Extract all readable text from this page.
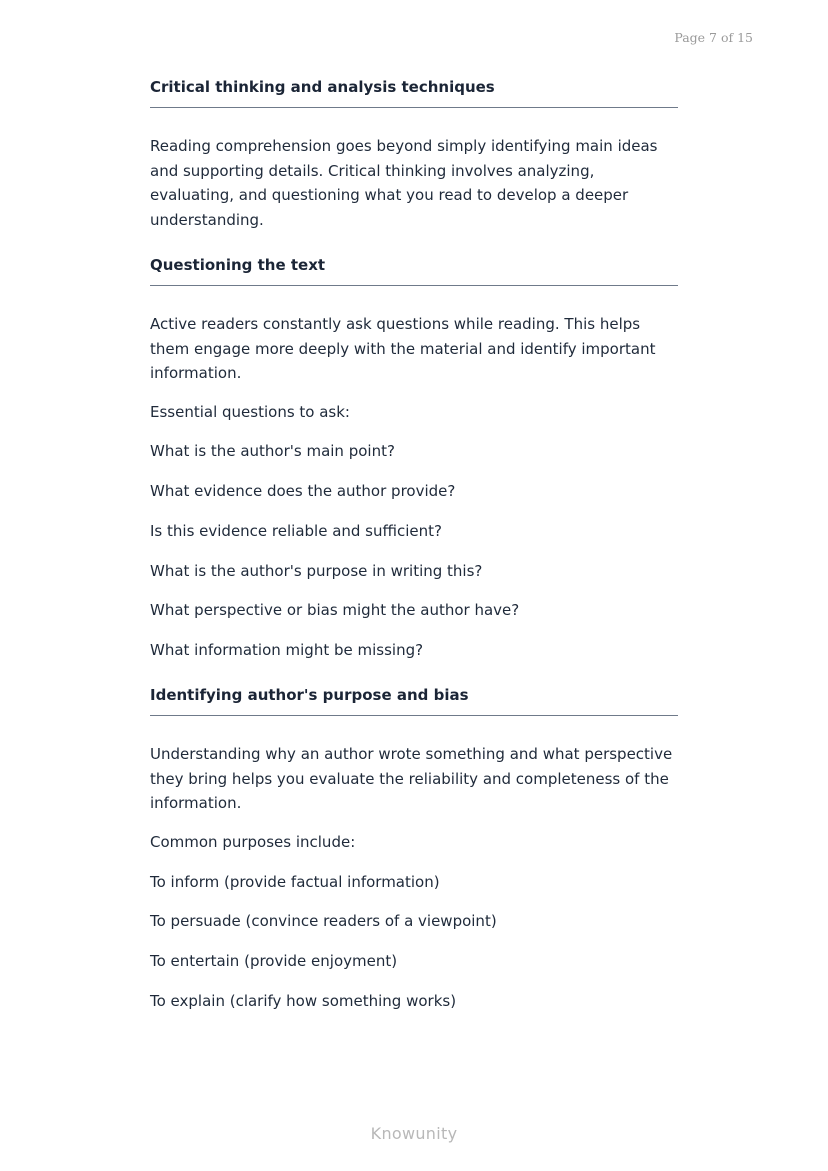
Page 7 of 15
Critical thinking and analysis techniques

Reading comprehension goes beyond simply identifying main ideas and supporting details. Critical thinking involves analyzing, evaluating, and questioning what you read to develop a deeper understanding.

Questioning the text

Active readers constantly ask questions while reading. This helps them engage more deeply with the material and identify important information.

Essential questions to ask:

What is the author's main point?

What evidence does the author provide?

Is this evidence reliable and sufficient?

What is the author's purpose in writing this?

What perspective or bias might the author have?

What information might be missing?

Identifying author's purpose and bias

Understanding why an author wrote something and what perspective they bring helps you evaluate the reliability and completeness of the information.

Common purposes include:

To inform (provide factual information)

To persuade (convince readers of a viewpoint)

To entertain (provide enjoyment)

To explain (clarify how something works)

Knowunity
